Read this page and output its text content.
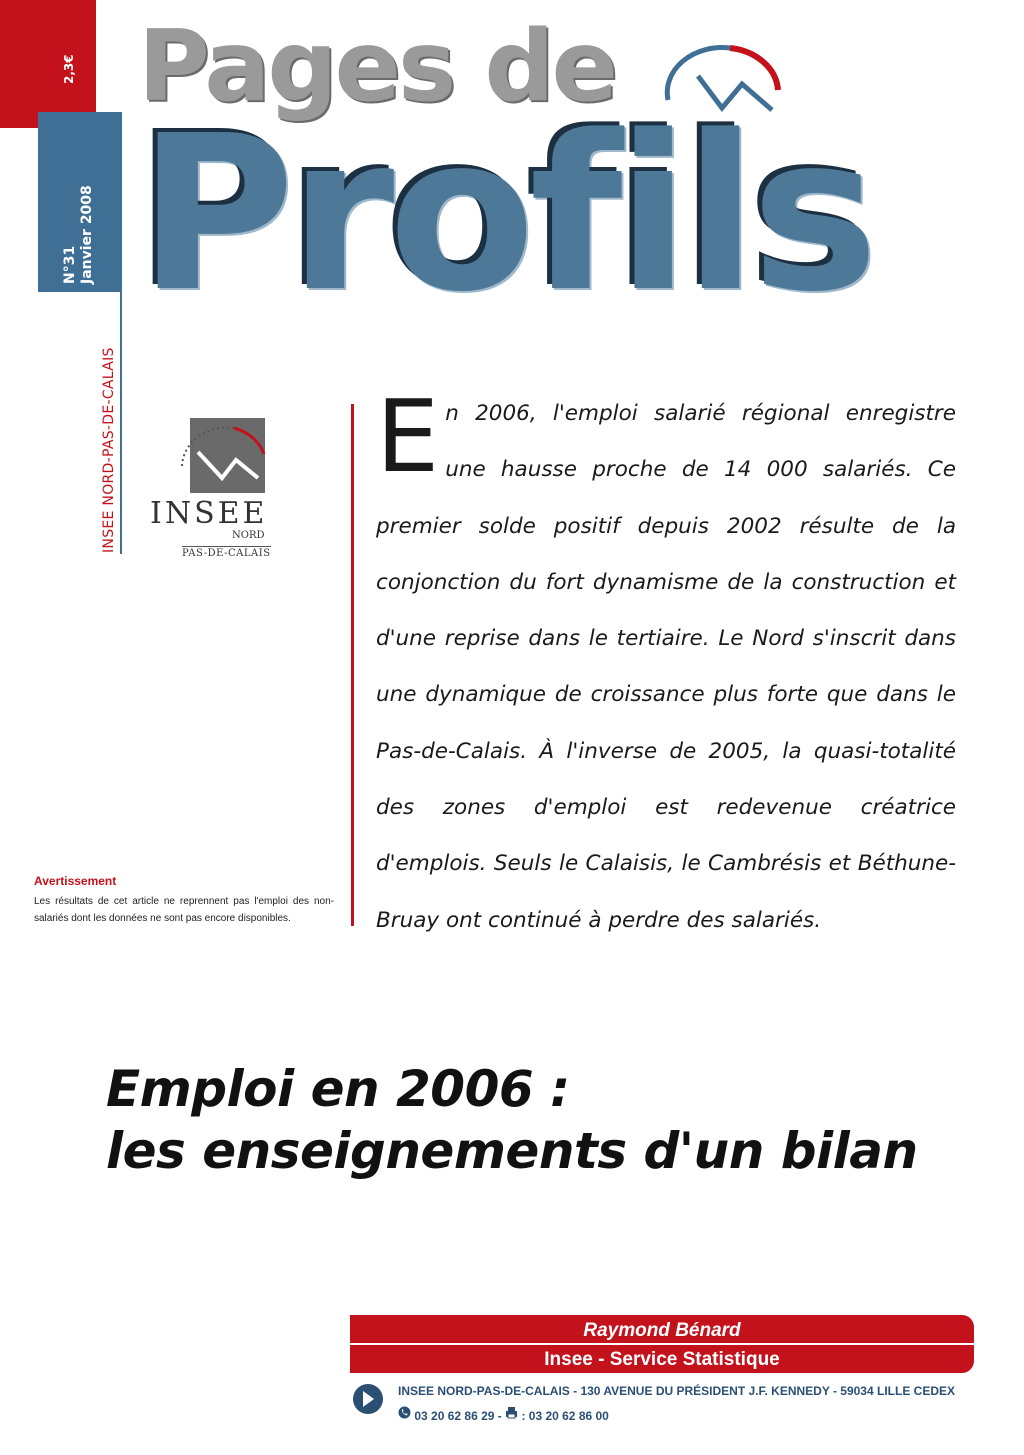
2,3€
N°31 Janvier 2008
INSEE NORD-PAS-DE-CALAIS
Pages de
Profils
INSEE
NORD
PAS-DE-CALAIS
Avertissement
Les résultats de cet article ne reprennent pas l'emploi des non-salariés dont les données ne sont pas encore disponibles.
En 2006, l'emploi salarié régional enregistre une hausse proche de 14 000 salariés. Ce premier solde positif depuis 2002 résulte de la conjonction du fort dynamisme de la construction et d'une reprise dans le tertiaire. Le Nord s'inscrit dans une dynamique de croissance plus forte que dans le Pas-de-Calais. À l'inverse de 2005, la quasi-totalité des zones d'emploi est redevenue créatrice d'emplois. Seuls le Calaisis, le Cambrésis et Béthune-Bruay ont continué à perdre des salariés.
Emploi en 2006 :
les enseignements d'un bilan
Raymond Bénard
Insee - Service Statistique
INSEE NORD-PAS-DE-CALAIS - 130 AVENUE DU PRÉSIDENT J.F. KENNEDY - 59034 LILLE CEDEX
03 20 62 86 29 - : 03 20 62 86 00
